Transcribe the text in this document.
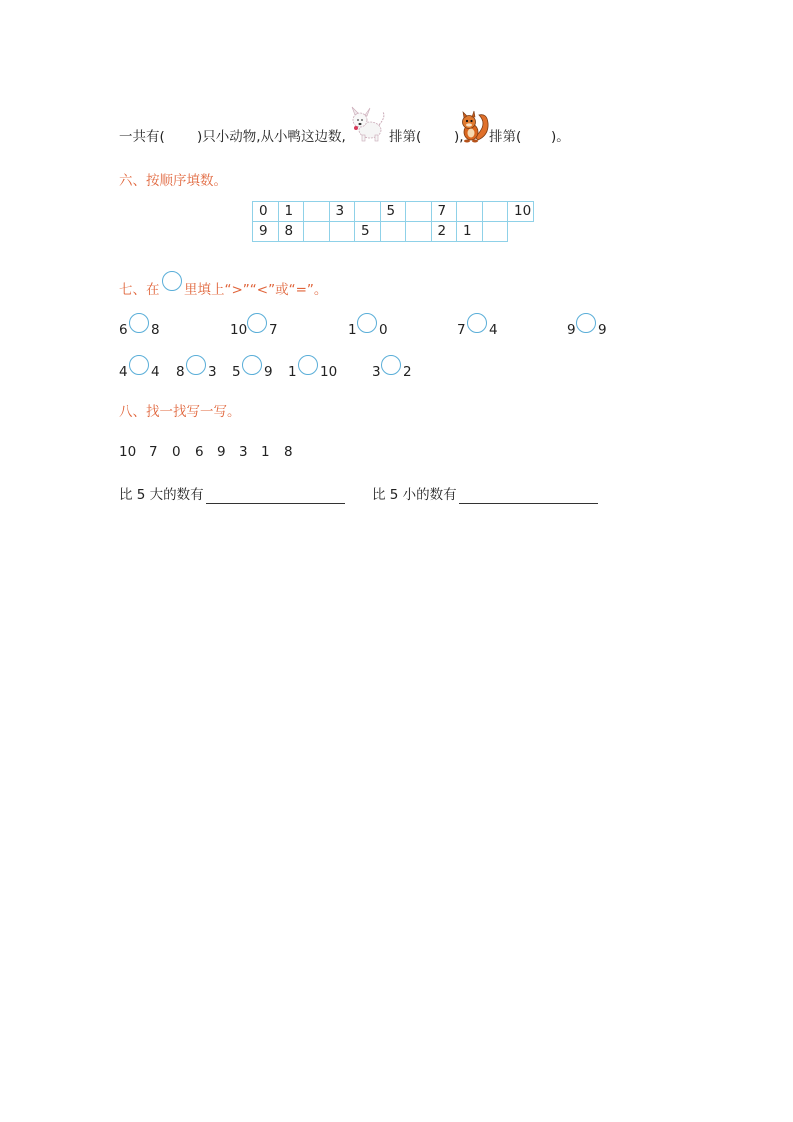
一共有( )只小动物,从小鸭这边数,	排第( ), 排第( )。
六、按顺序填数。
0	1		3		5		7			10
9	8			5			2	1		
七、在 里填上“>”“<”或“=”。
6 8	10 7	1 0	7 4	9 9
4 4 8 3 5 9 1 10	3 2
八、找一找写一写。
10 7 0 6 9 3 1 8
比 5 大的数有	比 5 小的数有
